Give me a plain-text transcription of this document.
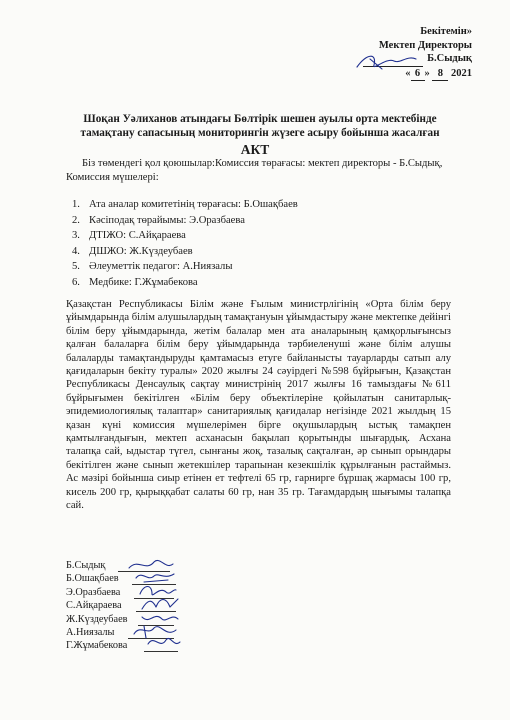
Бекітемін»
Мектеп Директоры
Б.Сыдық
« 6 » 8 2021
Шоқан Уәлиханов атындағы Бөлтірік шешен ауылы орта мектебінде тамақтану сапасының мониторингін жүзеге асыру бойынша жасалған
АКТ
Біз төмендегі қол қоюшылар:Комиссия төрағасы: мектеп директоры - Б.Сыдық, Комиссия мүшелері:
1. Ата аналар комитетінің төрағасы: Б.Ошақбаев
2. Кәсіподақ төрайымы: Э.Оразбаева
3. ДТІЖО: С.Айқараева
4. ДШЖО: Ж.Күздеубаев
5. Әлеуметтік педагог: А.Ниязалы
6. Медбике: Г.Жұмабекова
Қазақстан Республикасы Білім және Ғылым министрлігінің «Орта білім беру ұйымдарында білім алушылардың тамақтануын ұйымдастыру және мектепке дейінгі білім беру ұйымдарында, жетім балалар мен ата аналарының қамқорлығынсыз қалған балаларға білім беру ұйымдарында тәрбиеленуші және білім алушы балаларды тамақтандыруды қамтамасыз етуге байланысты тауарларды сатып алу қағидаларын бекіту туралы» 2020 жылғы 24 сәуірдегі №598 бұйрығын, Қазақстан Республикасы Денсаулық сақтау министрінің 2017 жылғы 16 тамыздағы №611 бұйрығымен бекітілген «Білім беру объектілеріне қойылатын санитарлық-эпидемиологиялық талаптар» санитариялық қағидалар негізінде 2021 жылдың 15 қазан күні комиссия мүшелерімен бірге оқушылардың ыстық тамақпен қамтылғандығын, мектеп асханасын бақылап қорытынды шығардық. Асхана талапқа сай, ыдыстар түгел, сынғаны жоқ, тазалық сақталған, әр сынып орындары бекітілген және сынып жетекшілер тарапынан кезекшілік құрылғанын растаймыз. Ас мәзірі бойынша сиыр етінен ет тефтелі 65 гр, гарнирге бұршақ жармасы 100 гр, кисель 200 гр, қырыққабат салаты 60 гр, нан 35 гр. Тағамдардың шығымы талапқа сай.
Б.Сыдық
Б.Ошақбаев
Э.Оразбаева
С.Айқараева
Ж.Күздеубаев
А.Ниязалы
Г.Жұмабекова
